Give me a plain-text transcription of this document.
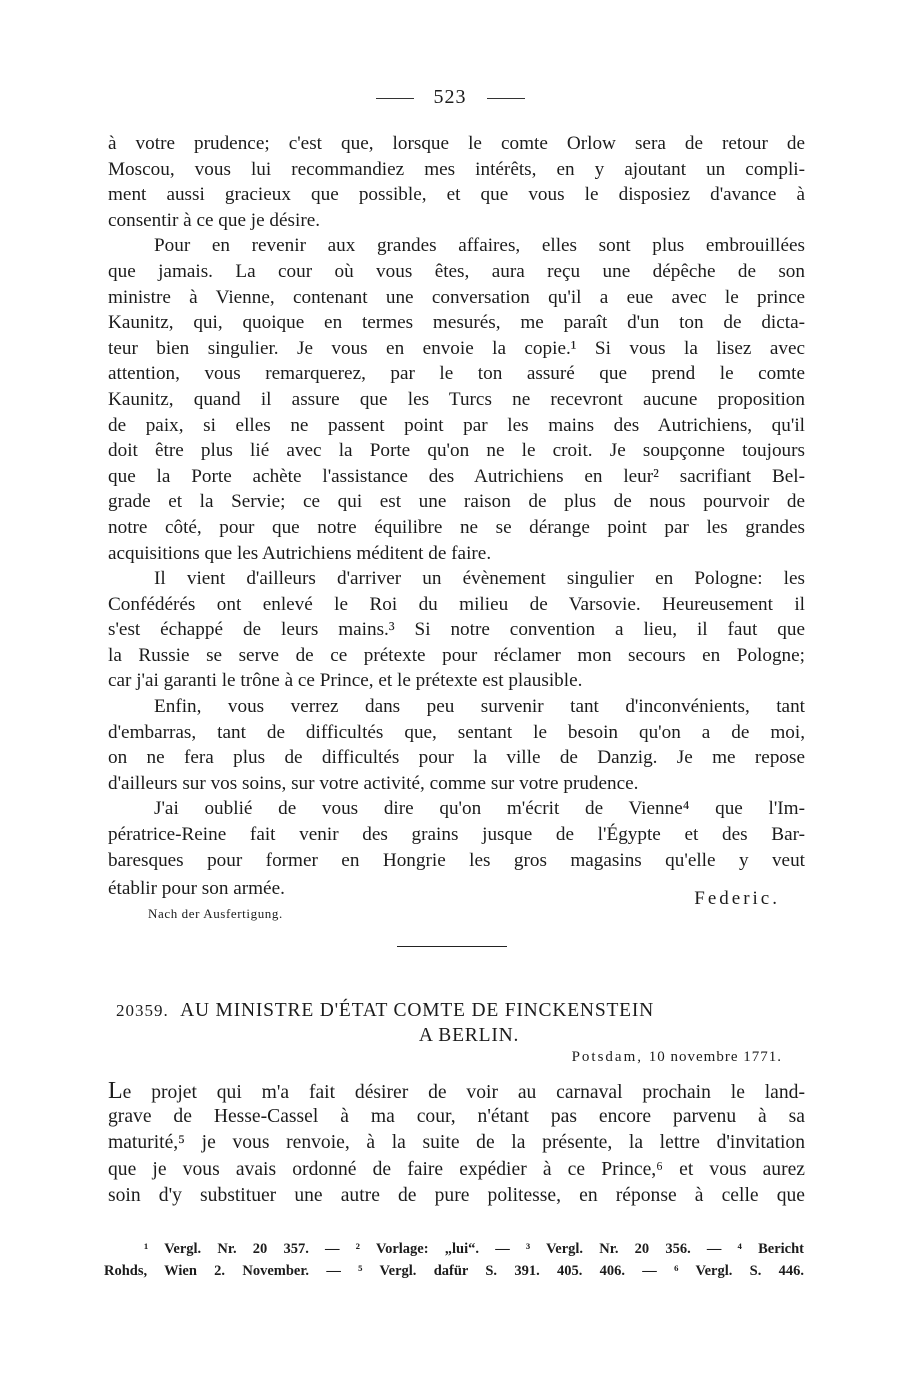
523
à votre prudence; c'est que, lorsque le comte Orlow sera de retour de
Moscou, vous lui recommandiez mes intérêts, en y ajoutant un compli-
ment aussi gracieux que possible, et que vous le disposiez d'avance à
consentir à ce que je désire.
Pour en revenir aux grandes affaires, elles sont plus embrouillées
que jamais. La cour où vous êtes, aura reçu une dépêche de son
ministre à Vienne, contenant une conversation qu'il a eue avec le prince
Kaunitz, qui, quoique en termes mesurés, me paraît d'un ton de dicta-
teur bien singulier. Je vous en envoie la copie.¹ Si vous la lisez avec
attention, vous remarquerez, par le ton assuré que prend le comte
Kaunitz, quand il assure que les Turcs ne recevront aucune proposition
de paix, si elles ne passent point par les mains des Autrichiens, qu'il
doit être plus lié avec la Porte qu'on ne le croit. Je soupçonne toujours
que la Porte achète l'assistance des Autrichiens en leur² sacrifiant Bel-
grade et la Servie; ce qui est une raison de plus de nous pourvoir de
notre côté, pour que notre équilibre ne se dérange point par les grandes
acquisitions que les Autrichiens méditent de faire.
Il vient d'ailleurs d'arriver un évènement singulier en Pologne: les
Confédérés ont enlevé le Roi du milieu de Varsovie. Heureusement il
s'est échappé de leurs mains.³ Si notre convention a lieu, il faut que
la Russie se serve de ce prétexte pour réclamer mon secours en Pologne;
car j'ai garanti le trône à ce Prince, et le prétexte est plausible.
Enfin, vous verrez dans peu survenir tant d'inconvénients, tant
d'embarras, tant de difficultés que, sentant le besoin qu'on a de moi,
on ne fera plus de difficultés pour la ville de Danzig. Je me repose
d'ailleurs sur vos soins, sur votre activité, comme sur votre prudence.
J'ai oublié de vous dire qu'on m'écrit de Vienne⁴ que l'Im-
pératrice-Reine fait venir des grains jusque de l'Égypte et des Bar-
baresques pour former en Hongrie les gros magasins qu'elle y veut
établir pour son armée.	Federic.
Nach der Ausfertigung.
20359. AU MINISTRE D'ÉTAT COMTE DE FINCKENSTEIN
A BERLIN.
Potsdam, 10 novembre 1771.
Le projet qui m'a fait désirer de voir au carnaval prochain le land-
grave de Hesse-Cassel à ma cour, n'étant pas encore parvenu à sa
maturité,⁵ je vous renvoie, à la suite de la présente, la lettre d'invitation
que je vous avais ordonné de faire expédier à ce Prince,⁶ et vous aurez
soin d'y substituer une autre de pure politesse, en réponse à celle que
¹ Vergl. Nr. 20 357. — ² Vorlage: „lui“. — ³ Vergl. Nr. 20 356. — ⁴ Bericht
Rohds, Wien 2. November. — ⁵ Vergl. dafür S. 391. 405. 406. — ⁶ Vergl. S. 446.
